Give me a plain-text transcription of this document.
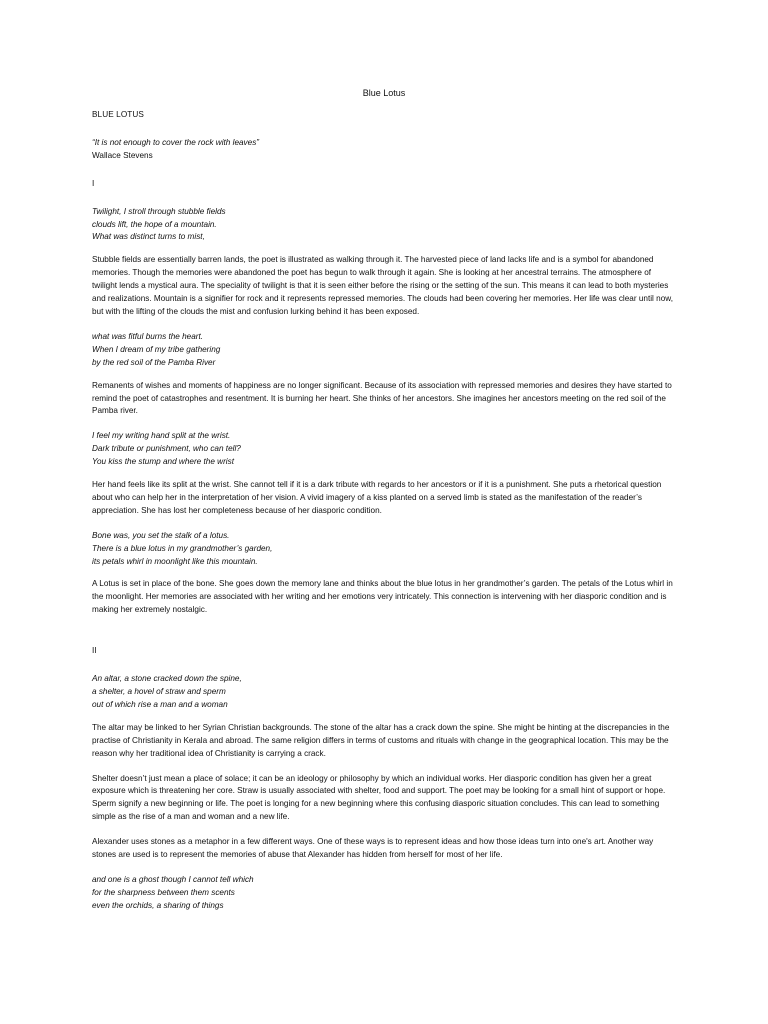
Blue Lotus

BLUE LOTUS

“It is not enough to cover the rock with leaves”

Wallace Stevens

I

Twilight, I stroll through stubble fields
clouds lift, the hope of a mountain.
What was distinct turns to mist,

Stubble fields are essentially barren lands, the poet is illustrated as walking through it. The harvested piece of land lacks life and is a symbol for abandoned memories. Though the memories were abandoned the poet has begun to walk through it again. She is looking at her ancestral terrains. The atmosphere of twilight lends a mystical aura. The speciality of twilight is that it is seen either before the rising or the setting of the sun. This means it can lead to both mysteries and realizations. Mountain is a signifier for rock and it represents repressed memories. The clouds had been covering her memories. Her life was clear until now, but with the lifting of the clouds the mist and confusion lurking behind it has been exposed.

what was fitful burns the heart.
When I dream of my tribe gathering
by the red soil of the Pamba River

Remanents of wishes and moments of happiness are no longer significant. Because of its association with repressed memories and desires they have started to remind the poet of catastrophes and resentment. It is burning her heart. She thinks of her ancestors. She imagines her ancestors meeting on the red soil of the Pamba river.

I feel my writing hand split at the wrist.
Dark tribute or punishment, who can tell?
You kiss the stump and where the wrist

Her hand feels like its split at the wrist. She cannot tell if it is a dark tribute with regards to her ancestors or if it is a punishment. She puts a rhetorical question about who can help her in the interpretation of her vision. A vivid imagery of a kiss planted on a served limb is stated as the manifestation of the reader’s appreciation. She has lost her completeness because of her diasporic condition.

Bone was, you set the stalk of a lotus.
There is a blue lotus in my grandmother’s garden,
its petals whirl in moonlight like this mountain.

A Lotus is set in place of the bone. She goes down the memory lane and thinks about the blue lotus in her grandmother’s garden. The petals of the Lotus whirl in the moonlight. Her memories are associated with her writing and her emotions very intricately. This connection is intervening with her diasporic condition and is making her extremely nostalgic.

II

An altar, a stone cracked down the spine,
a shelter, a hovel of straw and sperm
out of which rise a man and a woman

The altar may be linked to her Syrian Christian backgrounds. The stone of the altar has a crack down the spine. She might be hinting at the discrepancies in the practise of Christianity in Kerala and abroad. The same religion differs in terms of customs and rituals with change in the geographical location. This may be the reason why her traditional idea of Christianity is carrying a crack.

Shelter doesn’t just mean a place of solace; it can be an ideology or philosophy by which an individual works. Her diasporic condition has given her a great exposure which is threatening her core. Straw is usually associated with shelter, food and support. The poet may be looking for a small hint of support or hope. Sperm signify a new beginning or life. The poet is longing for a new beginning where this confusing diasporic situation concludes. This can lead to something simple as the rise of a man and woman and a new life.

Alexander uses stones as a metaphor in a few different ways. One of these ways is to represent ideas and how those ideas turn into one's art. Another way stones are used is to represent the memories of abuse that Alexander has hidden from herself for most of her life.

and one is a ghost though I cannot tell which
for the sharpness between them scents
even the orchids, a sharing of things
